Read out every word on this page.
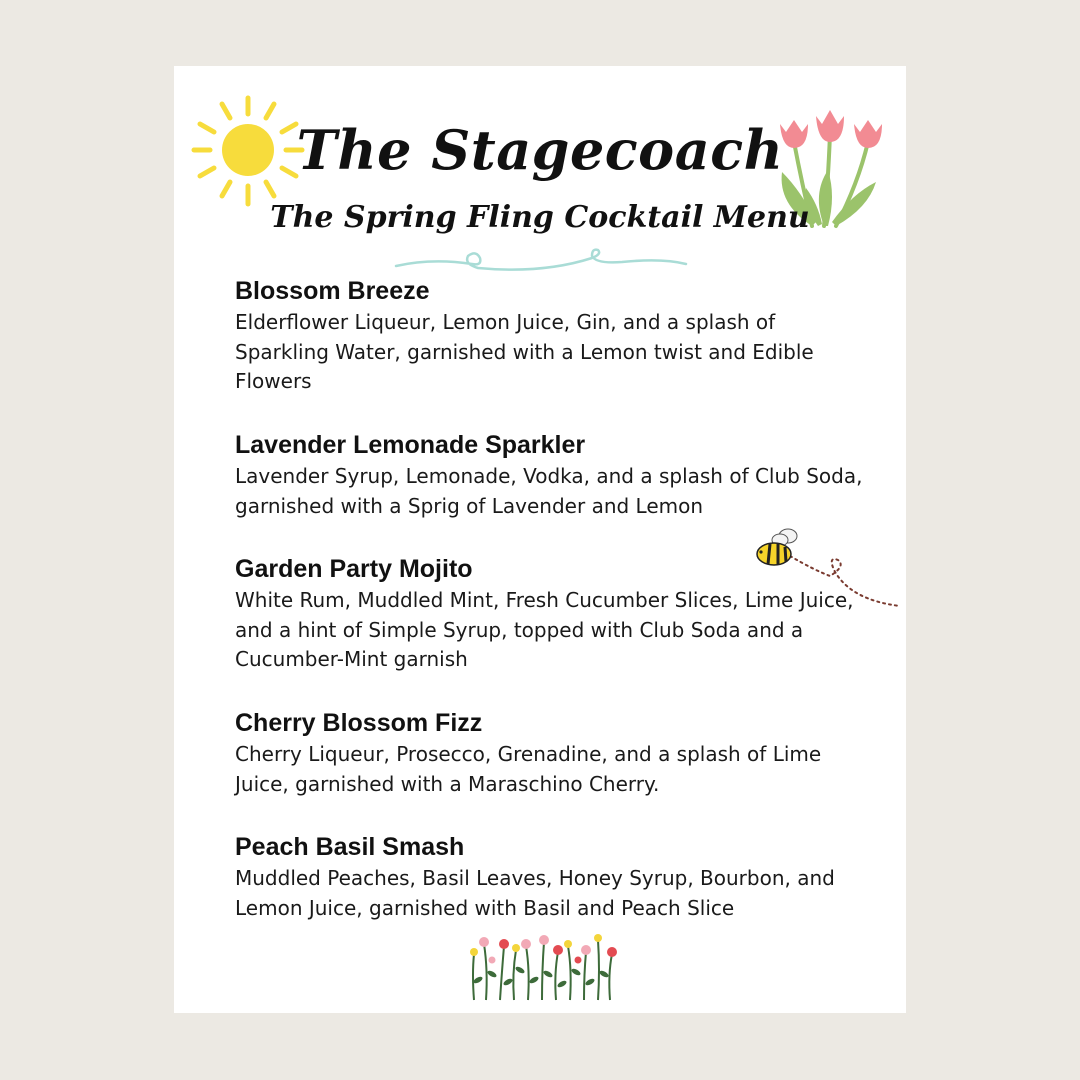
The Stagecoach
The Spring Fling Cocktail Menu

Blossom Breeze

Elderflower Liqueur, Lemon Juice, Gin, and a splash of Sparkling Water, garnished with a Lemon twist and Edible Flowers

Lavender Lemonade Sparkler

Lavender Syrup, Lemonade, Vodka, and a splash of Club Soda, garnished with a Sprig of Lavender and Lemon

Garden Party Mojito

White Rum, Muddled Mint, Fresh Cucumber Slices, Lime Juice, and a hint of Simple Syrup, topped with Club Soda and a Cucumber-Mint garnish

Cherry Blossom Fizz

Cherry Liqueur, Prosecco, Grenadine, and a splash of Lime Juice, garnished with a Maraschino Cherry.

Peach Basil Smash

Muddled Peaches, Basil Leaves, Honey Syrup, Bourbon, and Lemon Juice, garnished with Basil and Peach Slice
